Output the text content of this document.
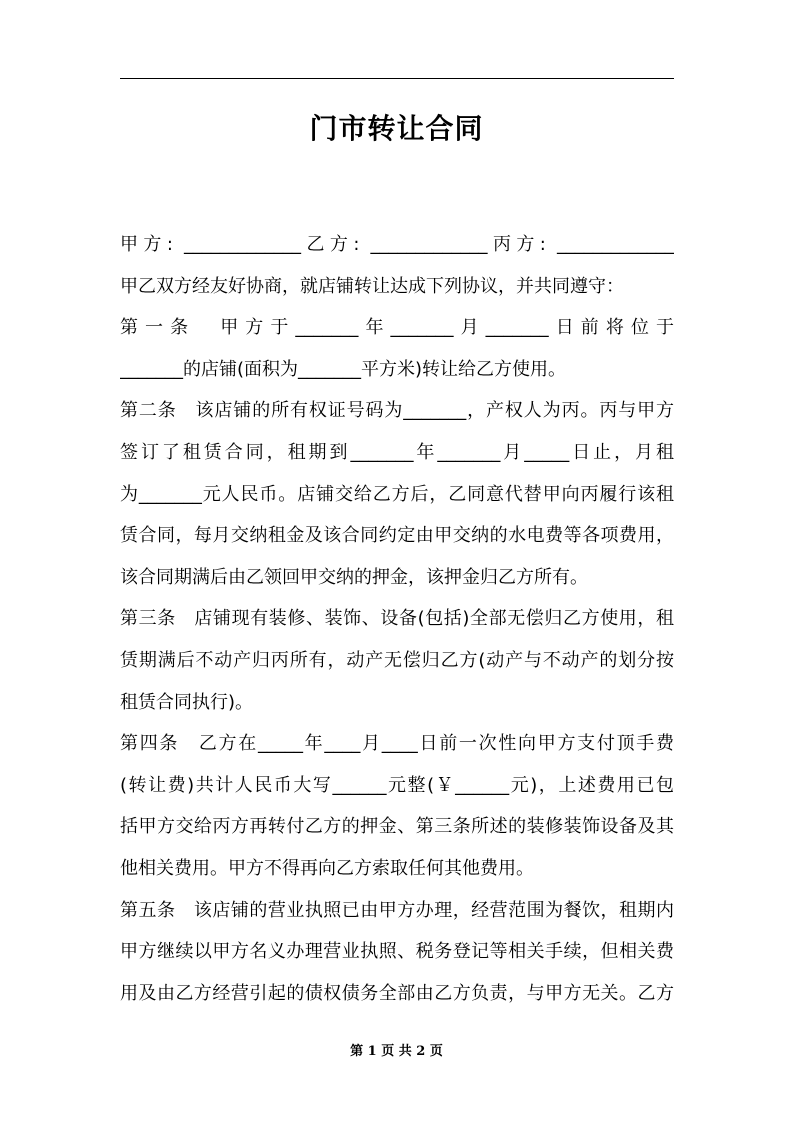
门市转让合同
甲方: _____________乙方: _____________丙方: _____________
甲乙双方经友好协商，就店铺转让达成下列协议，并共同遵守：
第一条　甲方于_______年_______月_______日前将位于
_______的店铺(面积为_______平方米)转让给乙方使用。
第二条　该店铺的所有权证号码为_______，产权人为丙。丙与甲方
签订了租赁合同，租期到_______年_______月_____日止，月租
为_______元人民币。店铺交给乙方后，乙同意代替甲向丙履行该租
赁合同，每月交纳租金及该合同约定由甲交纳的水电费等各项费用，
该合同期满后由乙领回甲交纳的押金，该押金归乙方所有。
第三条　店铺现有装修、装饰、设备(包括)全部无偿归乙方使用，租
赁期满后不动产归丙所有，动产无偿归乙方(动产与不动产的划分按
租赁合同执行)。
第四条　乙方在_____年____月____日前一次性向甲方支付顶手费
(转让费)共计人民币大写______元整(￥______元)，上述费用已包
括甲方交给丙方再转付乙方的押金、第三条所述的装修装饰设备及其
他相关费用。甲方不得再向乙方索取任何其他费用。
第五条　该店铺的营业执照已由甲方办理，经营范围为餐饮，租期内
甲方继续以甲方名义办理营业执照、税务登记等相关手续，但相关费
用及由乙方经营引起的债权债务全部由乙方负责，与甲方无关。乙方
第 1 页 共 2 页
